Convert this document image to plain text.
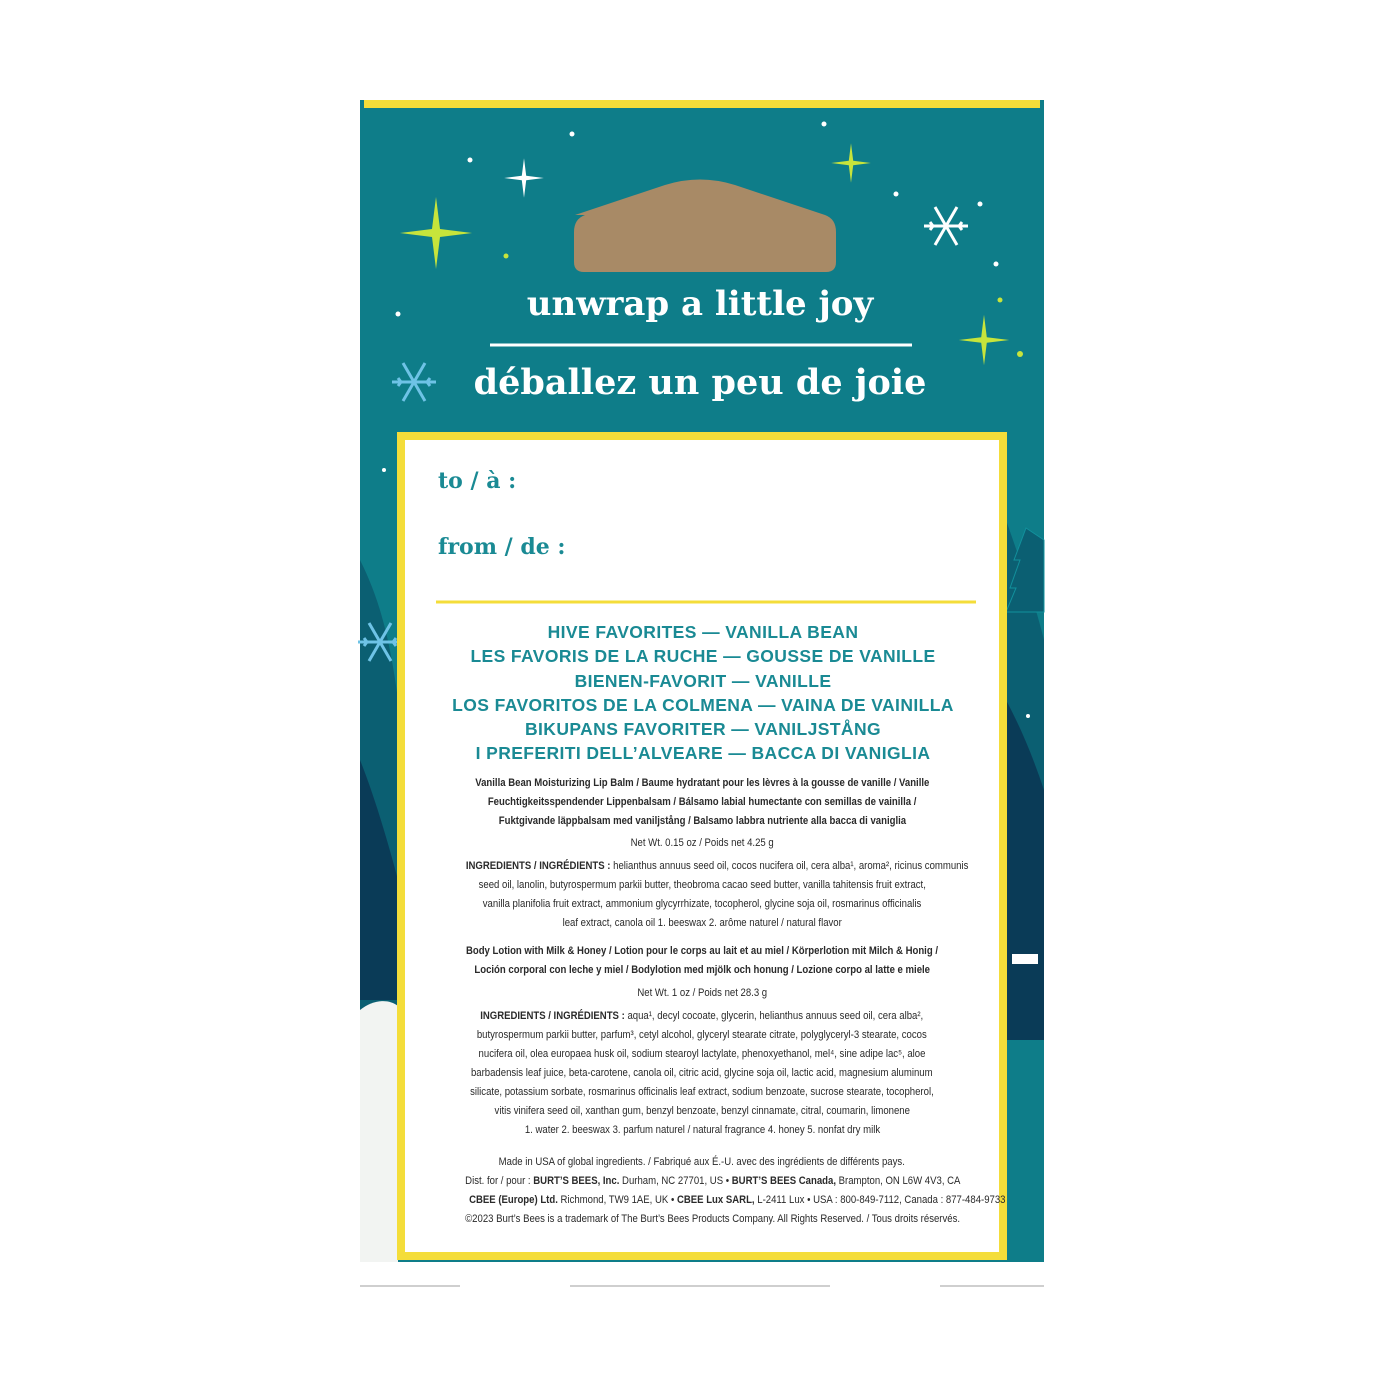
unwrap a little joy
déballez un peu de joie
to / à :
from / de :
HIVE FAVORITES — VANILLA BEAN
LES FAVORIS DE LA RUCHE — GOUSSE DE VANILLE
BIENEN-FAVORIT — VANILLE
LOS FAVORITOS DE LA COLMENA — VAINA DE VAINILLA
BIKUPANS FAVORITER — VANILJSTÅNG
I PREFERITI DELL’ALVEARE — BACCA DI VANIGLIA
Vanilla Bean Moisturizing Lip Balm / Baume hydratant pour les lèvres à la gousse de vanille / Vanille
Feuchtigkeitsspendender Lippenbalsam / Bálsamo labial humectante con semillas de vainilla /
Fuktgivande läppbalsam med vaniljstång / Balsamo labbra nutriente alla bacca di vaniglia
Net Wt. 0.15 oz / Poids net 4.25 g
INGREDIENTS / INGRÉDIENTS : helianthus annuus seed oil, cocos nucifera oil, cera alba¹, aroma², ricinus communis
seed oil, lanolin, butyrospermum parkii butter, theobroma cacao seed butter, vanilla tahitensis fruit extract,
vanilla planifolia fruit extract, ammonium glycyrrhizate, tocopherol, glycine soja oil, rosmarinus officinalis
leaf extract, canola oil 1. beeswax 2. arôme naturel / natural flavor
Body Lotion with Milk & Honey / Lotion pour le corps au lait et au miel / Körperlotion mit Milch & Honig /
Loción corporal con leche y miel / Bodylotion med mjölk och honung / Lozione corpo al latte e miele
Net Wt. 1 oz / Poids net 28.3 g
INGREDIENTS / INGRÉDIENTS : aqua¹, decyl cocoate, glycerin, helianthus annuus seed oil, cera alba²,
butyrospermum parkii butter, parfum³, cetyl alcohol, glyceryl stearate citrate, polyglyceryl-3 stearate, cocos
nucifera oil, olea europaea husk oil, sodium stearoyl lactylate, phenoxyethanol, mel⁴, sine adipe lac⁵, aloe
barbadensis leaf juice, beta-carotene, canola oil, citric acid, glycine soja oil, lactic acid, magnesium aluminum
silicate, potassium sorbate, rosmarinus officinalis leaf extract, sodium benzoate, sucrose stearate, tocopherol,
vitis vinifera seed oil, xanthan gum, benzyl benzoate, benzyl cinnamate, citral, coumarin, limonene
1. water 2. beeswax 3. parfum naturel / natural fragrance 4. honey 5. nonfat dry milk
Made in USA of global ingredients. / Fabriqué aux É.-U. avec des ingrédients de différents pays.
Dist. for / pour : BURT’S BEES, Inc. Durham, NC 27701, US • BURT’S BEES Canada, Brampton, ON L6W 4V3, CA
CBEE (Europe) Ltd. Richmond, TW9 1AE, UK • CBEE Lux SARL, L-2411 Lux • USA : 800-849-7112, Canada : 877-484-9733
©2023 Burt’s Bees is a trademark of The Burt’s Bees Products Company. All Rights Reserved. / Tous droits réservés.
